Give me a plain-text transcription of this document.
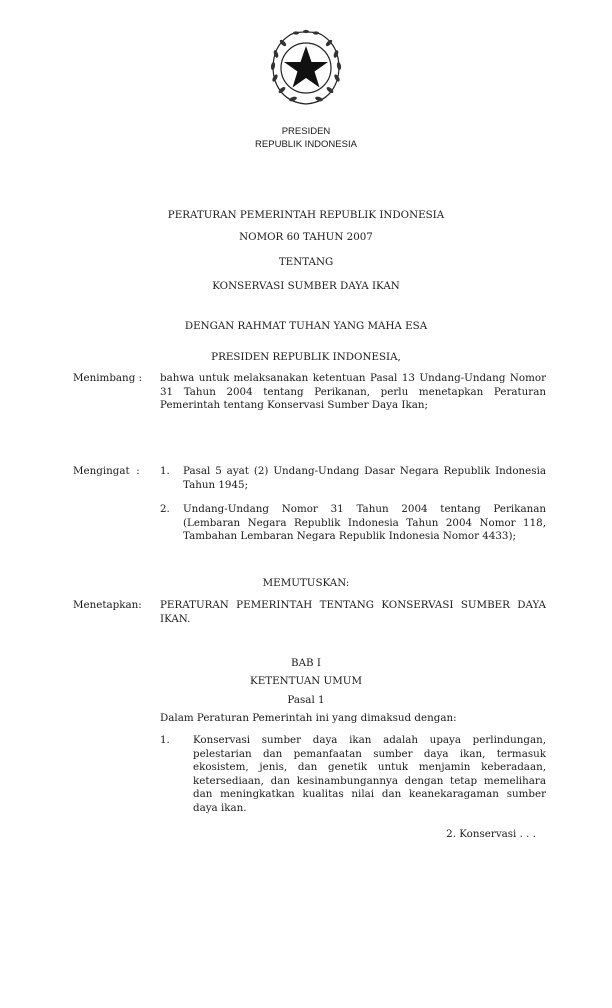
PRESIDEN
REPUBLIK INDONESIA
PERATURAN PEMERINTAH REPUBLIK INDONESIA
NOMOR 60 TAHUN 2007
TENTANG
KONSERVASI SUMBER DAYA IKAN
DENGAN RAHMAT TUHAN YANG MAHA ESA
PRESIDEN REPUBLIK INDONESIA,
Menimbang : bahwa untuk melaksanakan ketentuan Pasal 13 Undang-Undang Nomor 31 Tahun 2004 tentang Perikanan, perlu menetapkan Peraturan Pemerintah tentang Konservasi Sumber Daya Ikan;

Mengingat  : 1. Pasal 5 ayat (2) Undang-Undang Dasar Negara Republik Indonesia Tahun 1945;

2. Undang-Undang Nomor 31 Tahun 2004 tentang Perikanan (Lembaran Negara Republik Indonesia Tahun 2004 Nomor 118, Tambahan Lembaran Negara Republik Indonesia Nomor 4433);

MEMUTUSKAN:
Menetapkan: PERATURAN PEMERINTAH TENTANG KONSERVASI SUMBER DAYA IKAN.

BAB I
KETENTUAN UMUM
Pasal 1
Dalam Peraturan Pemerintah ini yang dimaksud dengan:
1. Konservasi sumber daya ikan adalah upaya perlindungan, pelestarian dan pemanfaatan sumber daya ikan, termasuk ekosistem, jenis, dan genetik untuk menjamin keberadaan, ketersediaan, dan kesinambungannya dengan tetap memelihara dan meningkatkan kualitas nilai dan keanekaragaman sumber daya ikan.

2. Konservasi . . .
